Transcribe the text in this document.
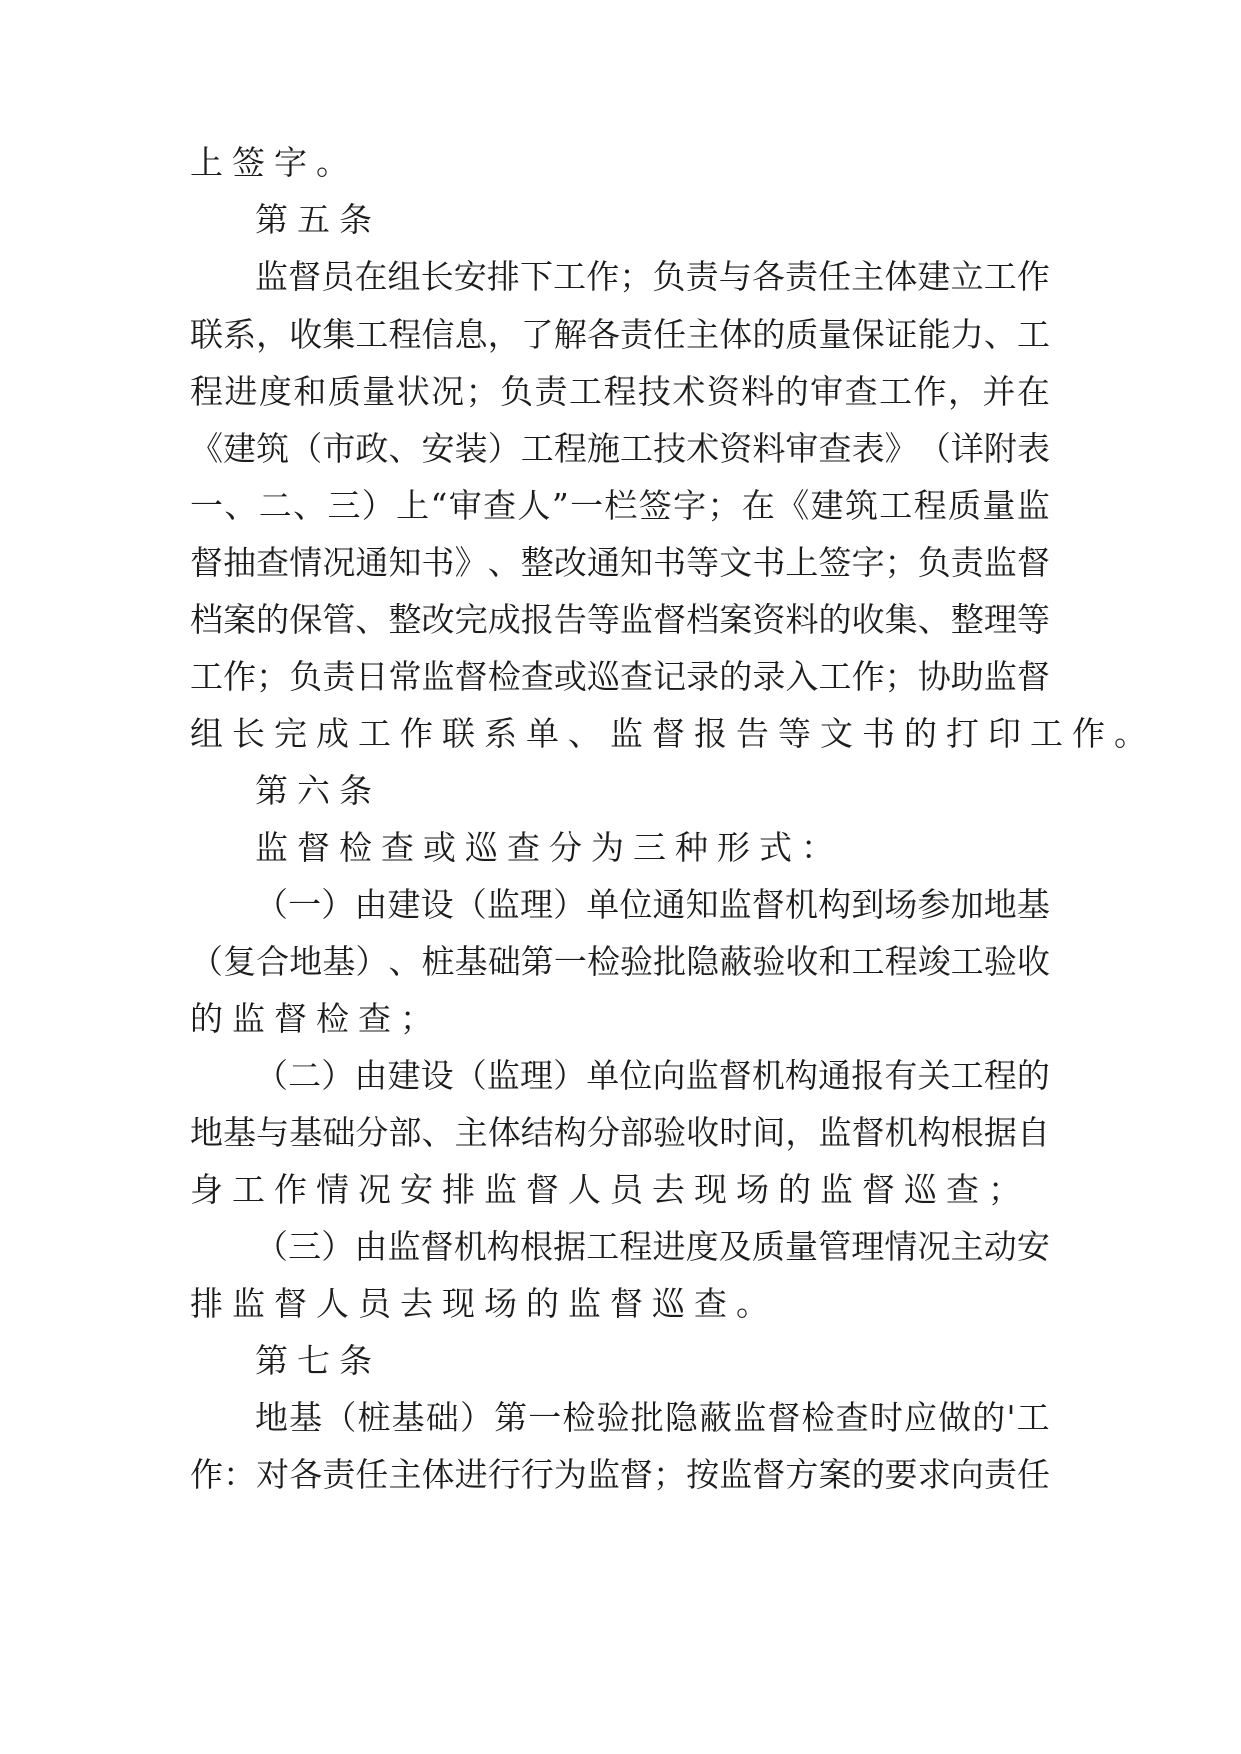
上签字。
第五条
监 督 员 在 组 长 安 排 下 工 作 ； 负 责 与 各 责 任 主 体 建 立 工 作
联 系 ， 收 集 工 程 信 息 ， 了 解 各 责 任 主 体 的 质 量 保 证 能 力 、 工
程 进 度 和 质 量 状 况 ； 负 责 工 程 技 术 资 料 的 审 查 工 作 ， 并 在
《 建 筑 （ 市 政 、 安 装 ） 工 程 施 工 技 术 资 料 审 查 表 》 （ 详 附 表
一 、 二 、 三 ） 上 “ 审 查 人 ” 一 栏 签 字 ； 在 《 建 筑 工 程 质 量 监
督 抽 查 情 况 通 知 书 》 、 整 改 通 知 书 等 文 书 上 签 字 ； 负 责 监 督
档 案 的 保 管 、 整 改 完 成 报 告 等 监 督 档 案 资 料 的 收 集 、 整 理 等
工 作 ； 负 责 日 常 监 督 检 查 或 巡 查 记 录 的 录 入 工 作 ； 协 助 监 督
组长完成工作联系单、监督报告等文书的打印工作。
第六条
监督检查或巡查分为三种形式：
（ 一 ） 由 建 设 （ 监 理 ） 单 位 通 知 监 督 机 构 到 场 参 加 地 基
（ 复 合 地 基 ） 、 桩 基 础 第 一 检 验 批 隐 蔽 验 收 和 工 程 竣 工 验 收
的监督检查；
（ 二 ） 由 建 设 （ 监 理 ） 单 位 向 监 督 机 构 通 报 有 关 工 程 的
地 基 与 基 础 分 部 、 主 体 结 构 分 部 验 收 时 间 ， 监 督 机 构 根 据 自
身工作情况安排监督人员去现场的监督巡查；
（ 三 ） 由 监 督 机 构 根 据 工 程 进 度 及 质 量 管 理 情 况 主 动 安
排监督人员去现场的监督巡查。
第七条
地 基 （ 桩 基 础 ） 第 一 检 验 批 隐 蔽 监 督 检 查 时 应 做 的 ' 工
作 ： 对 各 责 任 主 体 进 行 行 为 监 督 ； 按 监 督 方 案 的 要 求 向 责 任
